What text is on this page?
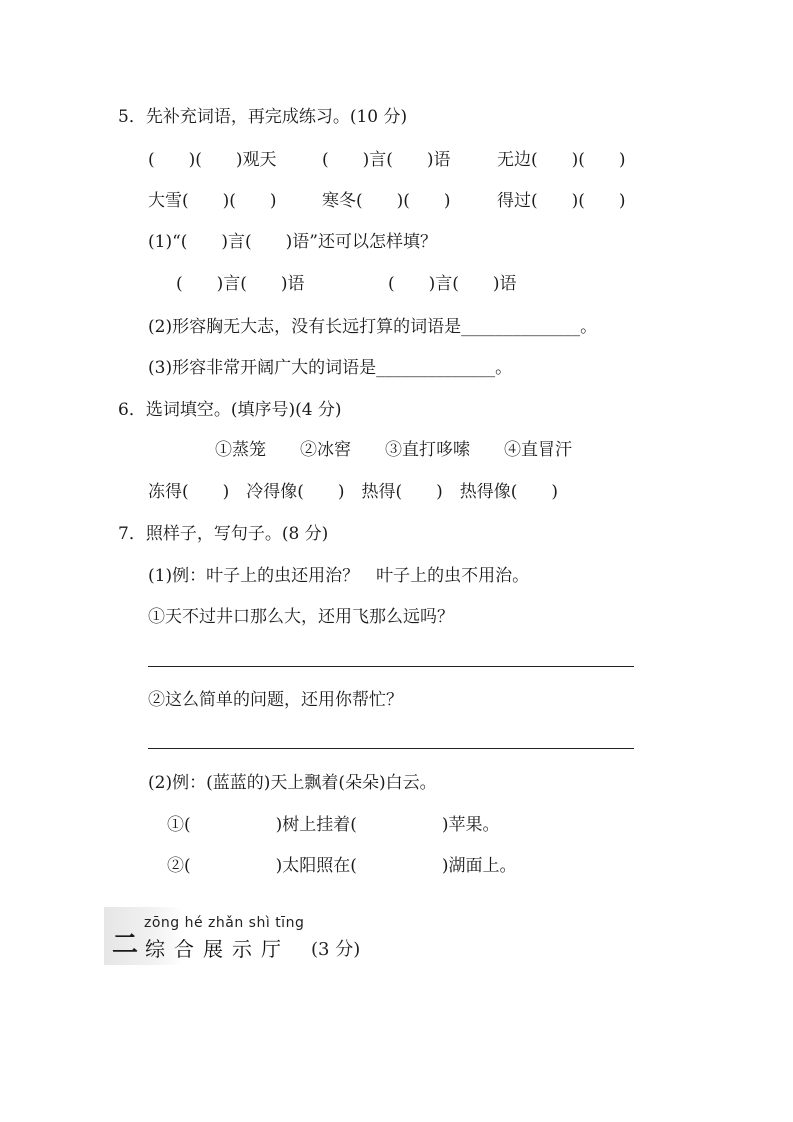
5．先补充词语，再完成练习。(10 分)
(　　)(　　)观天	(　　)言(　　)语	无边(　　)(　　)
大雪(　　)(　　)	寒冬(　　)(　　)	得过(　　)(　　)
(1)“(　　)言(　　)语”还可以怎样填？
(　　)言(　　)语	(　　)言(　　)语
(2)形容胸无大志，没有长远打算的词语是______________。
(3)形容非常开阔广大的词语是______________。
6．选词填空。(填序号)(4 分)
①蒸笼　　②冰窖　　③直打哆嗦　　④直冒汗
冻得(　　)　冷得像(　　)　热得(　　)　热得像(　　)
7．照样子，写句子。(8 分)
(1)例：叶子上的虫还用治？　叶子上的虫不用治。
①天不过井口那么大，还用飞那么远吗？
②这么简单的问题，还用你帮忙？
(2)例：(蓝蓝的)天上飘着(朵朵)白云。
①(　　　　　)树上挂着(　　　　　)苹果。
②(　　　　　)太阳照在(　　　　　)湖面上。
二
zōng hé zhǎn shì tīng
综合展示厅 (3 分)
